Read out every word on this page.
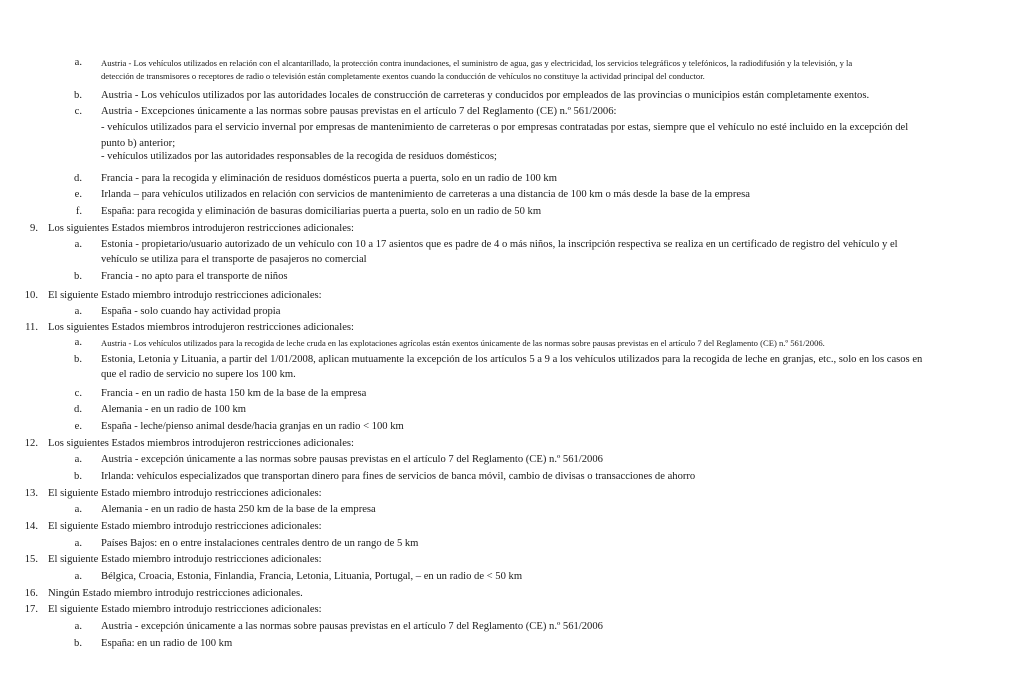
a. Austria - Los vehículos utilizados en relación con el alcantarillado, la protección contra inundaciones, el suministro de agua, gas y electricidad, los servicios telegráficos y telefónicos, la radiodifusión y la televisión, y la
detección de transmisores o receptores de radio o televisión están completamente exentos cuando la conducción de vehículos no constituye la actividad principal del conductor.
b. Austria - Los vehículos utilizados por las autoridades locales de construcción de carreteras y conducidos por empleados de las provincias o municipios están completamente exentos.
c. Austria - Excepciones únicamente a las normas sobre pausas previstas en el artículo 7 del Reglamento (CE) n.º 561/2006:
- vehículos utilizados para el servicio invernal por empresas de mantenimiento de carreteras o por empresas contratadas por estas, siempre que el vehículo no esté incluido en la excepción del
punto b) anterior;
- vehículos utilizados por las autoridades responsables de la recogida de residuos domésticos;
d. Francia - para la recogida y eliminación de residuos domésticos puerta a puerta, solo en un radio de 100 km
e. Irlanda – para vehículos utilizados en relación con servicios de mantenimiento de carreteras a una distancia de 100 km o más desde la base de la empresa
f. España: para recogida y eliminación de basuras domiciliarias puerta a puerta, solo en un radio de 50 km
9. Los siguientes Estados miembros introdujeron restricciones adicionales:
a. Estonia - propietario/usuario autorizado de un vehículo con 10 a 17 asientos que es padre de 4 o más niños, la inscripción respectiva se realiza en un certificado de registro del vehículo y el
vehículo se utiliza para el transporte de pasajeros no comercial
b. Francia - no apto para el transporte de niños
10. El siguiente Estado miembro introdujo restricciones adicionales:
a. España - solo cuando hay actividad propia
11. Los siguientes Estados miembros introdujeron restricciones adicionales:
a. Austria - Los vehículos utilizados para la recogida de leche cruda en las explotaciones agrícolas están exentos únicamente de las normas sobre pausas previstas en el artículo 7 del Reglamento (CE) n.º 561/2006.
b. Estonia, Letonia y Lituania, a partir del 1/01/2008, aplican mutuamente la excepción de los artículos 5 a 9 a los vehículos utilizados para la recogida de leche en granjas, etc., solo en los casos en
que el radio de servicio no supere los 100 km.
c. Francia - en un radio de hasta 150 km de la base de la empresa
d. Alemania - en un radio de 100 km
e. España - leche/pienso animal desde/hacia granjas en un radio < 100 km
12. Los siguientes Estados miembros introdujeron restricciones adicionales:
a. Austria - excepción únicamente a las normas sobre pausas previstas en el artículo 7 del Reglamento (CE) n.º 561/2006
b. Irlanda: vehículos especializados que transportan dinero para fines de servicios de banca móvil, cambio de divisas o transacciones de ahorro
13. El siguiente Estado miembro introdujo restricciones adicionales:
a. Alemania - en un radio de hasta 250 km de la base de la empresa
14. El siguiente Estado miembro introdujo restricciones adicionales:
a. Países Bajos: en o entre instalaciones centrales dentro de un rango de 5 km
15. El siguiente Estado miembro introdujo restricciones adicionales:
a. Bélgica, Croacia, Estonia, Finlandia, Francia, Letonia, Lituania, Portugal, – en un radio de < 50 km
16. Ningún Estado miembro introdujo restricciones adicionales.
17. El siguiente Estado miembro introdujo restricciones adicionales:
a. Austria - excepción únicamente a las normas sobre pausas previstas en el artículo 7 del Reglamento (CE) n.º 561/2006
b. España: en un radio de 100 km
